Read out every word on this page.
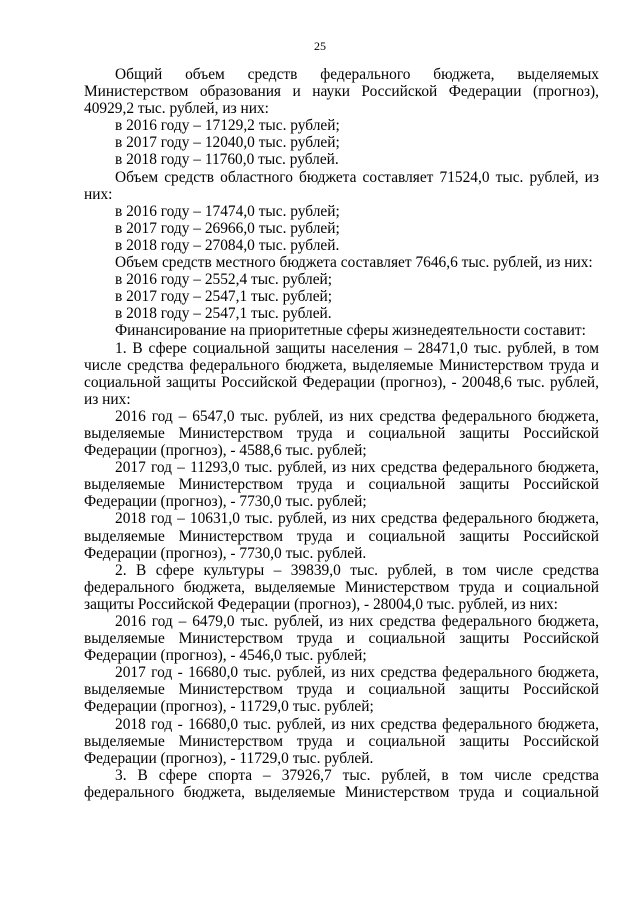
25

Общий объем средств федерального бюджета, выделяемых Министерством образования и науки Российской Федерации (прогноз), 40929,2 тыс. рублей, из них:

в 2016 году – 17129,2 тыс. рублей;

в 2017 году – 12040,0 тыс. рублей;

в 2018 году – 11760,0 тыс. рублей.

Объем средств областного бюджета составляет 71524,0 тыс. рублей, из них:

в 2016 году – 17474,0 тыс. рублей;

в 2017 году – 26966,0 тыс. рублей;

в 2018 году – 27084,0 тыс. рублей.

Объем средств местного бюджета составляет 7646,6 тыс. рублей, из них:

в 2016 году – 2552,4 тыс. рублей;

в 2017 году – 2547,1 тыс. рублей;

в 2018 году – 2547,1 тыс. рублей.

Финансирование на приоритетные сферы жизнедеятельности составит:

1. В сфере социальной защиты населения – 28471,0 тыс. рублей, в том числе средства федерального бюджета, выделяемые Министерством труда и социальной защиты Российской Федерации (прогноз), - 20048,6 тыс. рублей, из них:

2016 год – 6547,0 тыс. рублей, из них средства федерального бюджета, выделяемые Министерством труда и социальной защиты Российской Федерации (прогноз), - 4588,6 тыс. рублей;

2017 год – 11293,0 тыс. рублей, из них средства федерального бюджета, выделяемые Министерством труда и социальной защиты Российской Федерации (прогноз), - 7730,0 тыс. рублей;

2018 год – 10631,0 тыс. рублей, из них средства федерального бюджета, выделяемые Министерством труда и социальной защиты Российской Федерации (прогноз), - 7730,0 тыс. рублей.

2. В сфере культуры – 39839,0 тыс. рублей, в том числе средства федерального бюджета, выделяемые Министерством труда и социальной защиты Российской Федерации (прогноз), - 28004,0 тыс. рублей, из них:

2016 год – 6479,0 тыс. рублей, из них средства федерального бюджета, выделяемые Министерством труда и социальной защиты Российской Федерации (прогноз), - 4546,0 тыс. рублей;

2017 год - 16680,0 тыс. рублей, из них средства федерального бюджета, выделяемые Министерством труда и социальной защиты Российской Федерации (прогноз), - 11729,0 тыс. рублей;

2018 год - 16680,0 тыс. рублей, из них средства федерального бюджета, выделяемые Министерством труда и социальной защиты Российской Федерации (прогноз), - 11729,0 тыс. рублей.

3. В сфере спорта – 37926,7 тыс. рублей, в том числе средства федерального бюджета, выделяемые Министерством труда и социальной
